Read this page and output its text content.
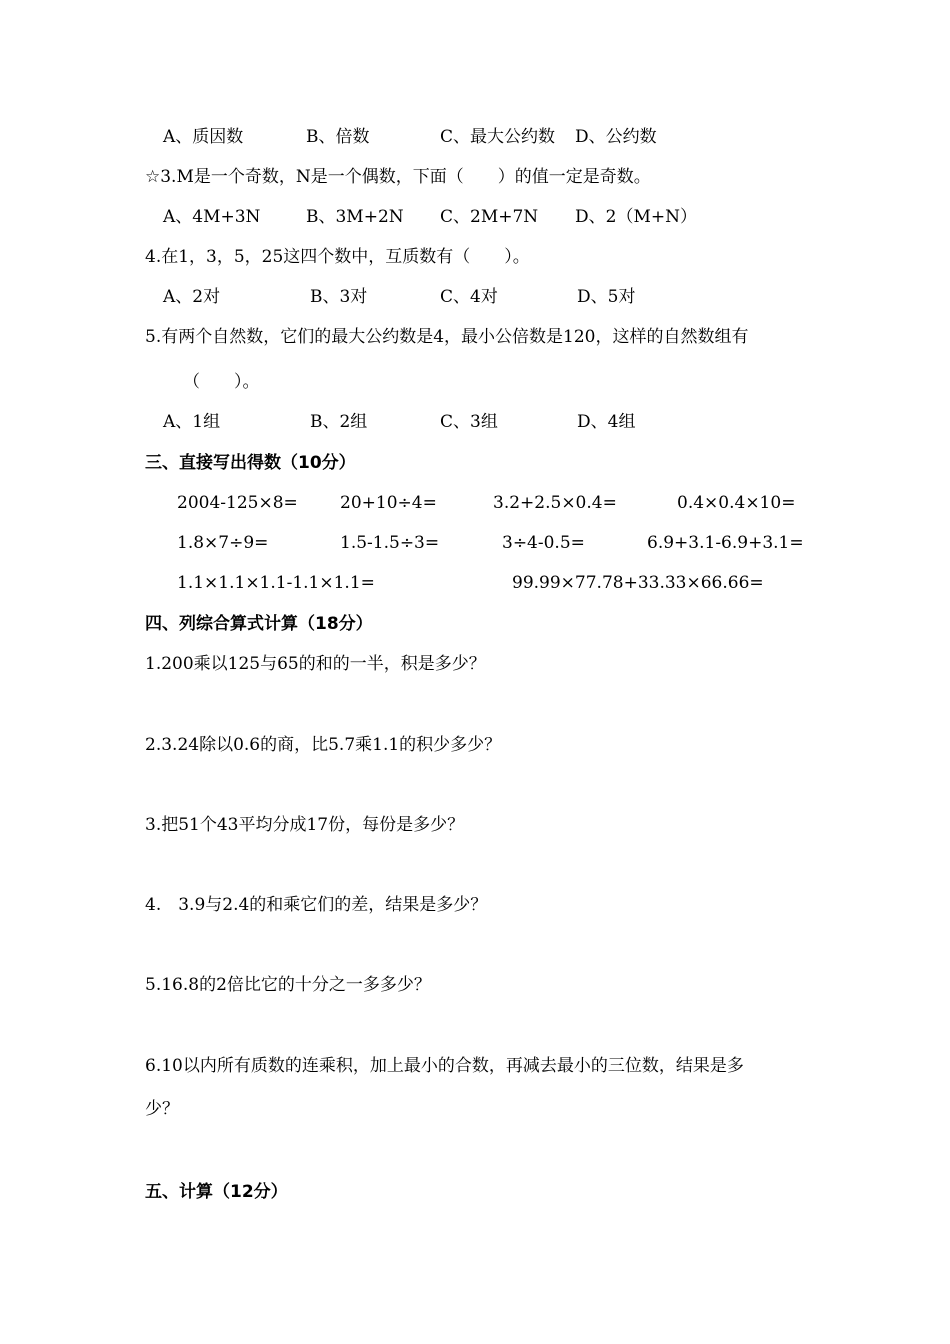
A、质因数	B、倍数	C、最大公约数 D、公约数
☆3.M是一个奇数，N是一个偶数，下面（　　）的值一定是奇数。
A、4M+3N	B、3M+2N C、2M+7N D、2（M+N）
4.在1，3，5，25这四个数中，互质数有（　　）。
A、2对	B、3对	C、4对	D、5对
5.有两个自然数，它们的最大公约数是4，最小公倍数是120，这样的自然数组有
（　　）。
A、1组	B、2组	C、3组	D、4组
三、直接写出得数（10分）
2004-125×8= 20+10÷4=	3.2+2.5×0.4=	0.4×0.4×10=
1.8×7÷9=	1.5-1.5÷3=	3÷4-0.5=	6.9+3.1-6.9+3.1=
1.1×1.1×1.1-1.1×1.1=	99.99×77.78+33.33×66.66=
四、列综合算式计算（18分）
1.200乘以125与65的和的一半，积是多少？
2.3.24除以0.6的商，比5.7乘1.1的积少多少？
3.把51个43平均分成17份，每份是多少？
4.　3.9与2.4的和乘它们的差，结果是多少？
5.16.8的2倍比它的十分之一多多少？
6.10以内所有质数的连乘积，加上最小的合数，再减去最小的三位数，结果是多
少？
五、计算（12分）
